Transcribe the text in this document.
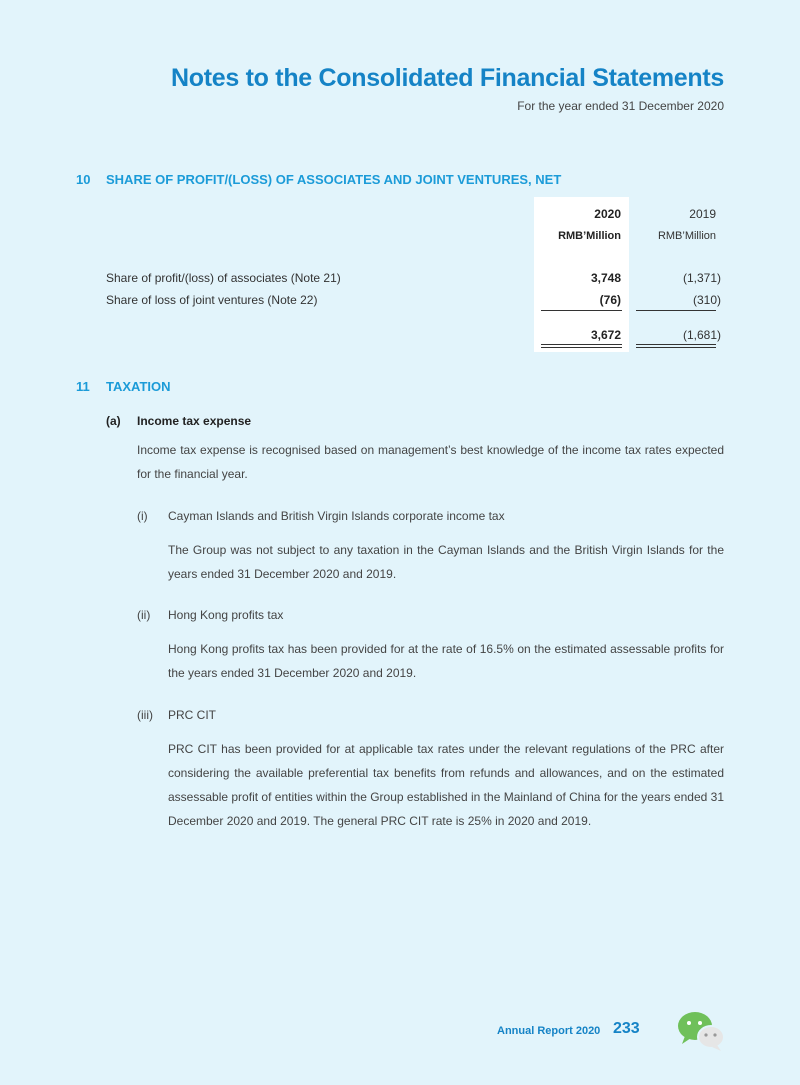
Notes to the Consolidated Financial Statements
For the year ended 31 December 2020
10 SHARE OF PROFIT/(LOSS) OF ASSOCIATES AND JOINT VENTURES, NET
2020	2019
RMB’Million	RMB’Million
Share of profit/(loss) of associates (Note 21)	3,748	(1,371)
Share of loss of joint ventures (Note 22)	(76)	(310)
3,672	(1,681)
11 TAXATION
(a) Income tax expense
Income tax expense is recognised based on management’s best knowledge of the income tax rates expected for the financial year.
(i) Cayman Islands and British Virgin Islands corporate income tax
The Group was not subject to any taxation in the Cayman Islands and the British Virgin Islands for the years ended 31 December 2020 and 2019.
(ii) Hong Kong profits tax
Hong Kong profits tax has been provided for at the rate of 16.5% on the estimated assessable profits for the years ended 31 December 2020 and 2019.
(iii) PRC CIT
PRC CIT has been provided for at applicable tax rates under the relevant regulations of the PRC after considering the available preferential tax benefits from refunds and allowances, and on the estimated assessable profit of entities within the Group established in the Mainland of China for the years ended 31 December 2020 and 2019. The general PRC CIT rate is 25% in 2020 and 2019.
Annual Report 2020 233
